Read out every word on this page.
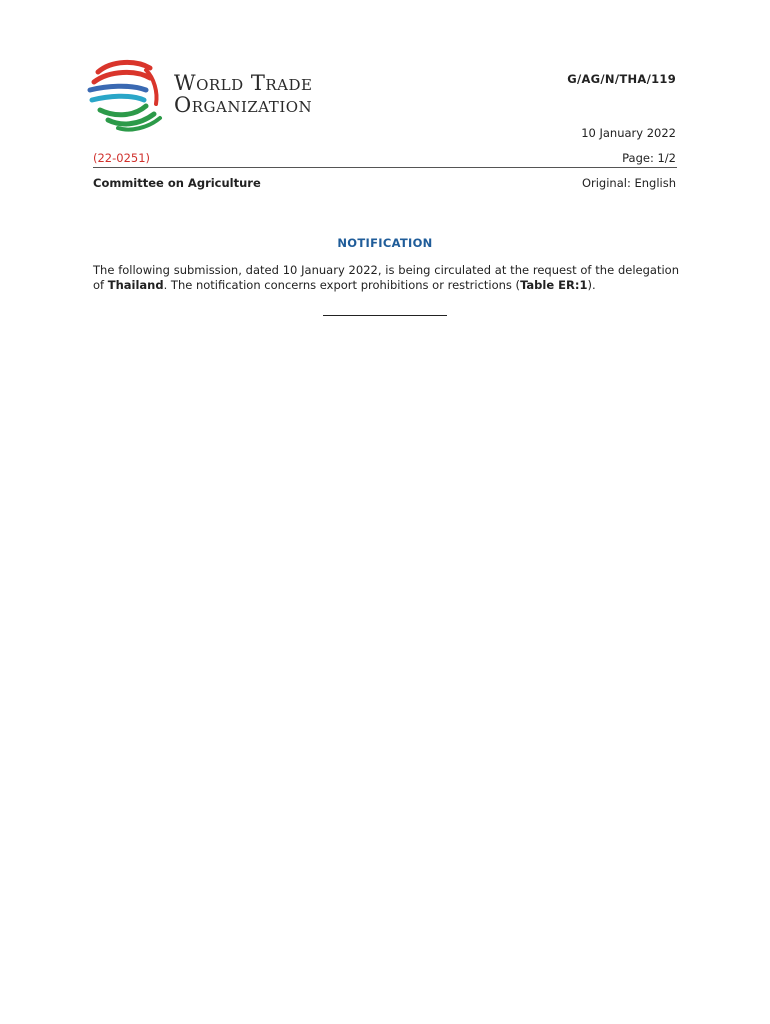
World Trade
Organization
G/AG/N/THA/119
10 January 2022
(22-0251)	Page: 1/2
Committee on Agriculture	Original: English
NOTIFICATION
The following submission, dated 10 January 2022, is being circulated at the request of the delegation of Thailand. The notification concerns export prohibitions or restrictions (Table ER:1).
